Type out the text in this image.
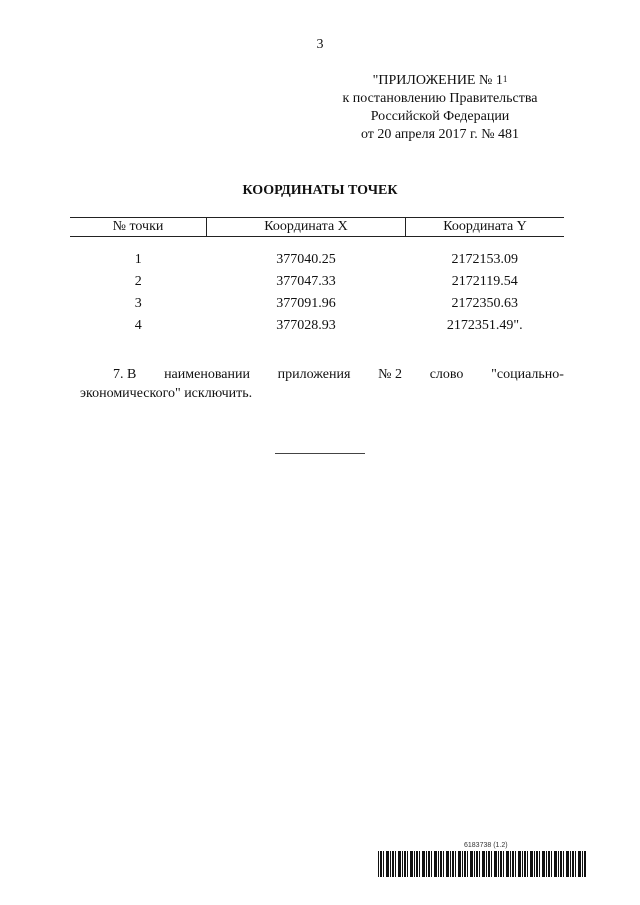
3
"ПРИЛОЖЕНИЕ № $1^1$
к постановлению Правительства
Российской Федерации
от 20 апреля 2017 г. № 481
КООРДИНАТЫ ТОЧЕК
№ точки	Координата X	Координата Y

1	377040.25	2172153.09
2	377047.33	2172119.54
3	377091.96	2172350.63
4	377028.93	2172351.49".
7. В наименовании приложения № 2 слово "социально-
экономического" исключить.
6183738 (1.2)
